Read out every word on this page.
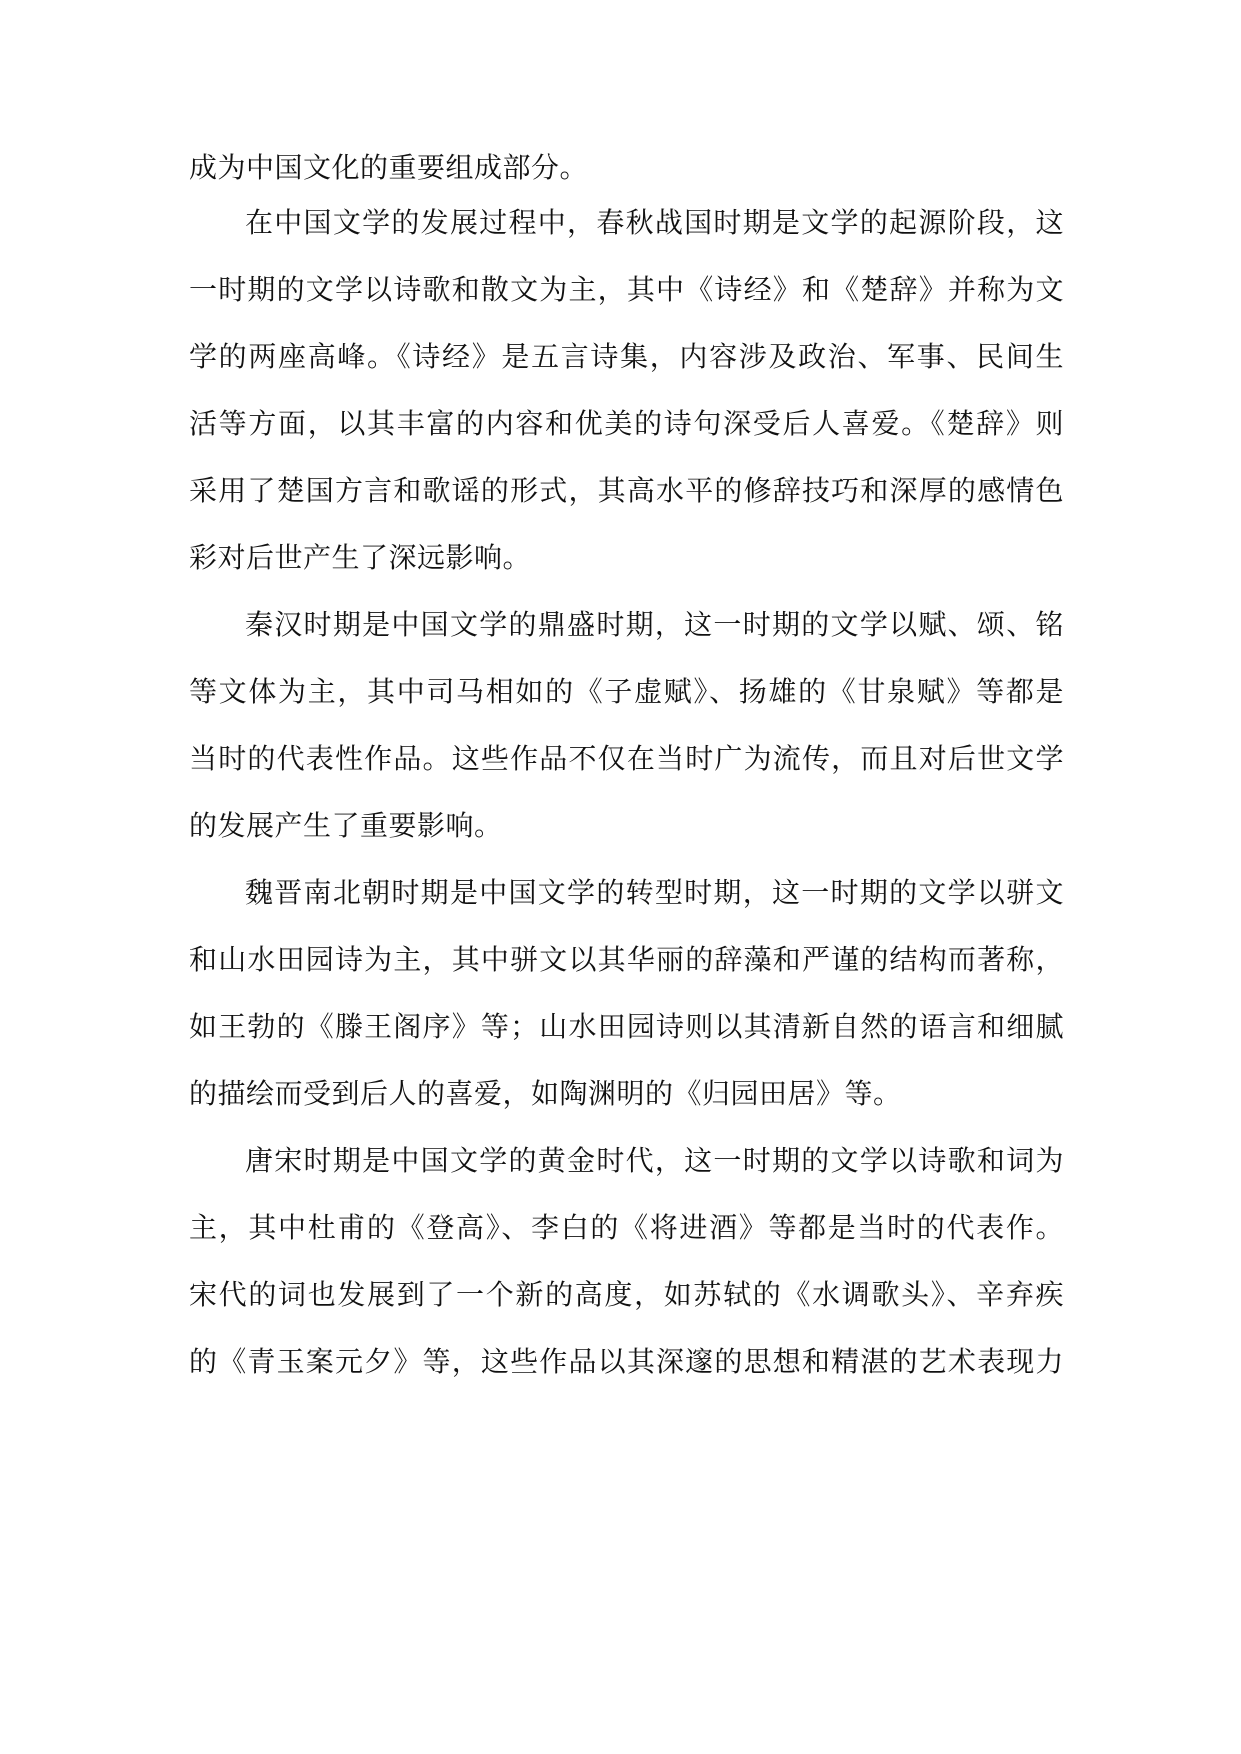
成为中国文化的重要组成部分。
在中国文学的发展过程中，春秋战国时期是文学的起源阶段，这
一时期的文学以诗歌和散文为主，其中《诗经》和《楚辞》并称为文
学的两座高峰。《诗经》是五言诗集，内容涉及政治、军事、民间生
活等方面，以其丰富的内容和优美的诗句深受后人喜爱。《楚辞》则
采用了楚国方言和歌谣的形式，其高水平的修辞技巧和深厚的感情色
彩对后世产生了深远影响。
秦汉时期是中国文学的鼎盛时期，这一时期的文学以赋、颂、铭
等文体为主，其中司马相如的《子虚赋》、扬雄的《甘泉赋》等都是
当时的代表性作品。这些作品不仅在当时广为流传，而且对后世文学
的发展产生了重要影响。
魏晋南北朝时期是中国文学的转型时期，这一时期的文学以骈文
和山水田园诗为主，其中骈文以其华丽的辞藻和严谨的结构而著称，
如王勃的《滕王阁序》等；山水田园诗则以其清新自然的语言和细腻
的描绘而受到后人的喜爱，如陶渊明的《归园田居》等。
唐宋时期是中国文学的黄金时代，这一时期的文学以诗歌和词为
主，其中杜甫的《登高》、李白的《将进酒》等都是当时的代表作。
宋代的词也发展到了一个新的高度，如苏轼的《水调歌头》、辛弃疾
的《青玉案元夕》等，这些作品以其深邃的思想和精湛的艺术表现力
